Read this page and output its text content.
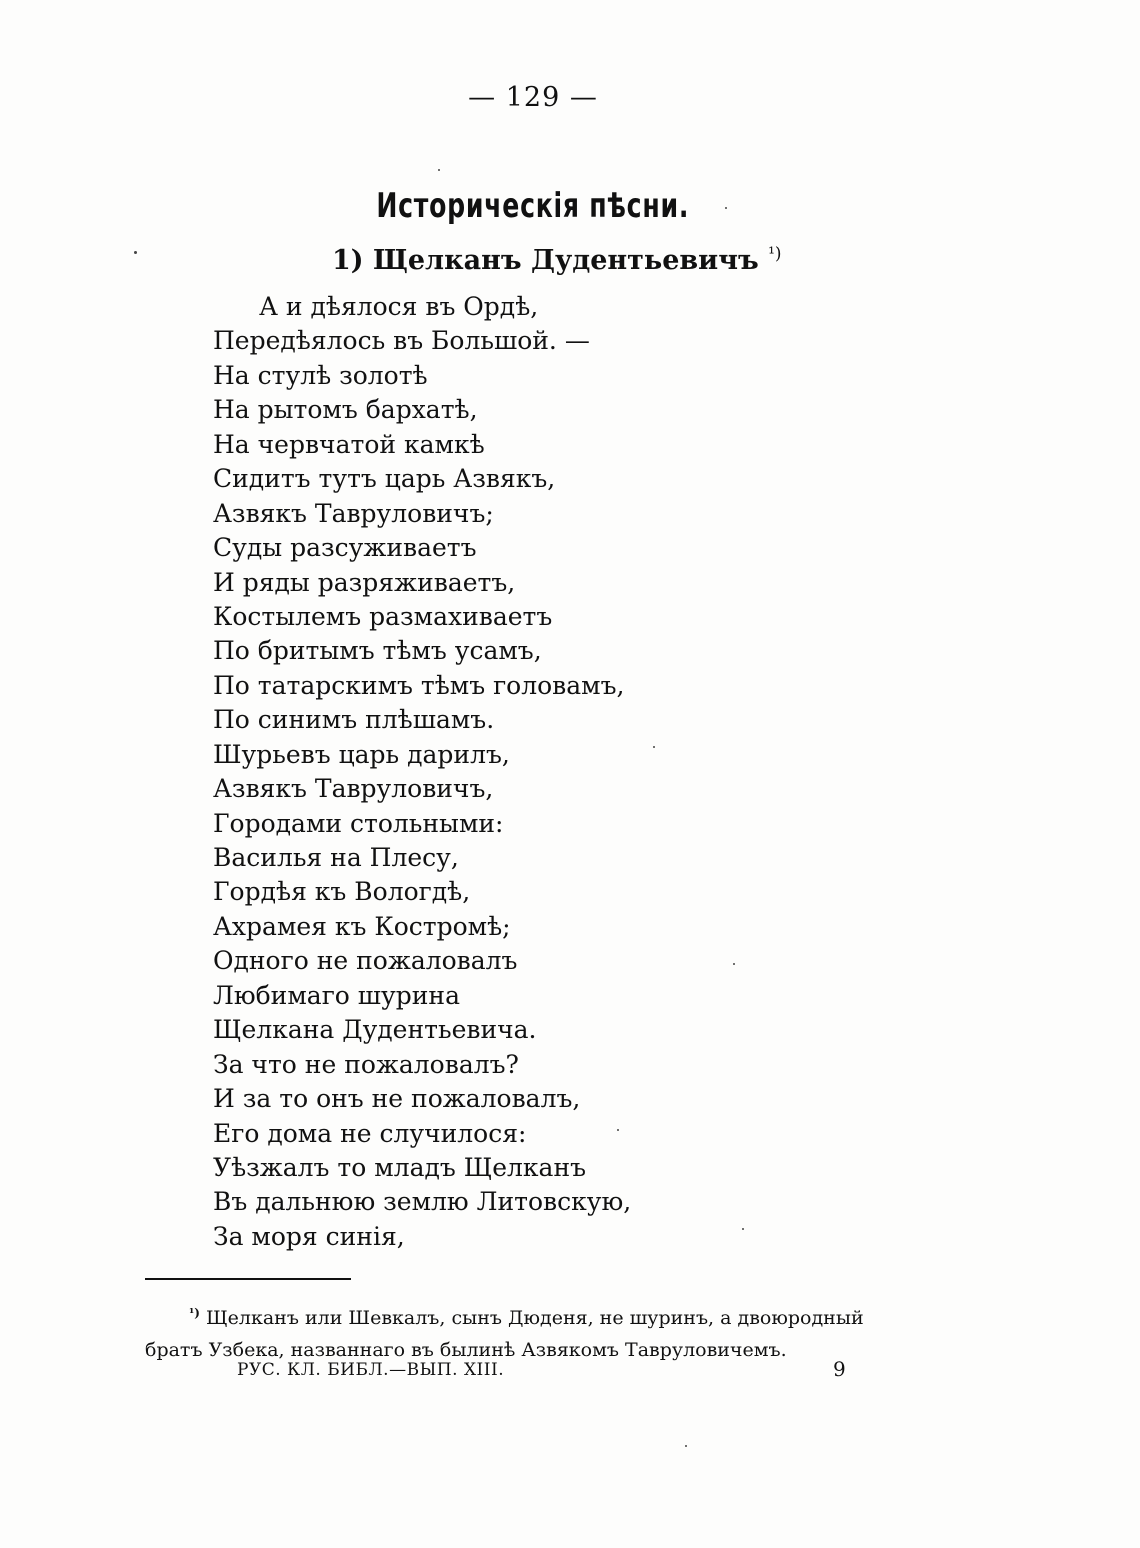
— 129 —
Историческія пѣсни.
1) Щелканъ Дудентьевичъ $^{^1)}$
А и дѣялося въ Ордѣ,
Передѣялось въ Большой. —
На стулѣ золотѣ
На рытомъ бархатѣ,
На червчатой камкѣ
Сидитъ тутъ царь Азвякъ,
Азвякъ Тавруловичъ;
Суды разсуживаетъ
И ряды разряживаетъ,
Костылемъ размахиваетъ
По бритымъ тѣмъ усамъ,
По татарскимъ тѣмъ головамъ,
По синимъ плѣшамъ.
Шурьевъ царь дарилъ,
Азвякъ Тавруловичъ,
Городами стольными:
Василья на Плесу,
Гордѣя къ Вологдѣ,
Ахрамея къ Костромѣ;
Одного не пожаловалъ
Любимаго шурина
Щелкана Дудентьевича.
За что не пожаловалъ?
И за то онъ не пожаловалъ,
Его дома не случилося:
Уѣзжалъ то младъ Щелканъ
Въ дальнюю землю Литовскую,
За моря синія,
$^{^1)}$ Щелканъ или Шевкалъ, сынъ Дюденя, не шуринъ, а двоюродный
братъ Узбека, названнаго въ былинѣ Азвякомъ Тавруловичемъ.
РУС. КЛ. БИБЛ.—ВЫП. XIII.	9
